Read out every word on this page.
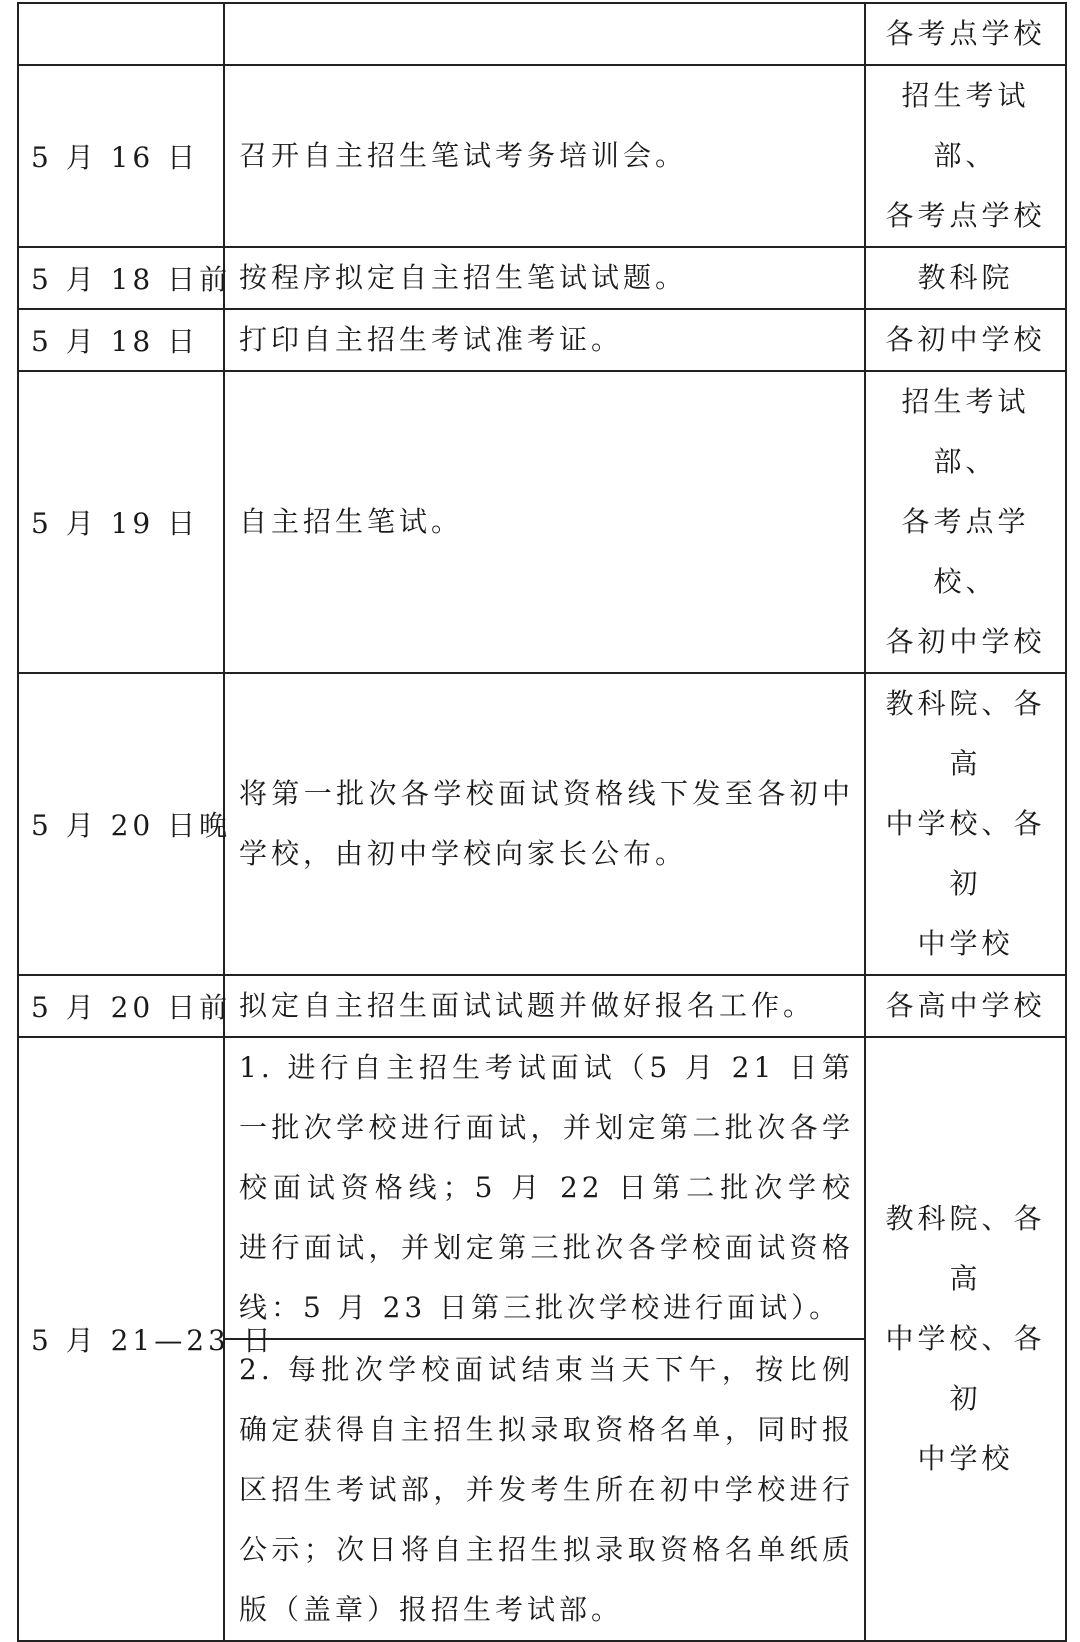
		各考点学校

5 月 16 日	召开自主招生笔试考务培训会。	招生考试部、
各考点学校

5 月 18 日前	按程序拟定自主招生笔试试题。	教科院

5 月 18 日	打印自主招生考试准考证。	各初中学校

5 月 19 日	自主招生笔试。	招生考试部、
各考点学校、
各初中学校

5 月 20 日晚	将第一批次各学校面试资格线下发至各初中学校，由初中学校向家长公布。	教科院、各高
中学校、各初
中学校

5 月 20 日前	拟定自主招生面试试题并做好报名工作。	各高中学校

5 月 21—23 日	1. 进行自主招生考试面试（5 月 21 日第一批次学校进行面试，并划定第二批次各学校面试资格线；5 月 22 日第二批次学校进行面试，并划定第三批次各学校面试资格线：5 月 23 日第三批次学校进行面试）。	教科院、各高
中学校、各初
中学校

	2. 每批次学校面试结束当天下午，按比例确定获得自主招生拟录取资格名单，同时报区招生考试部，并发考生所在初中学校进行公示；次日将自主招生拟录取资格名单纸质版（盖章）报招生考试部。	
